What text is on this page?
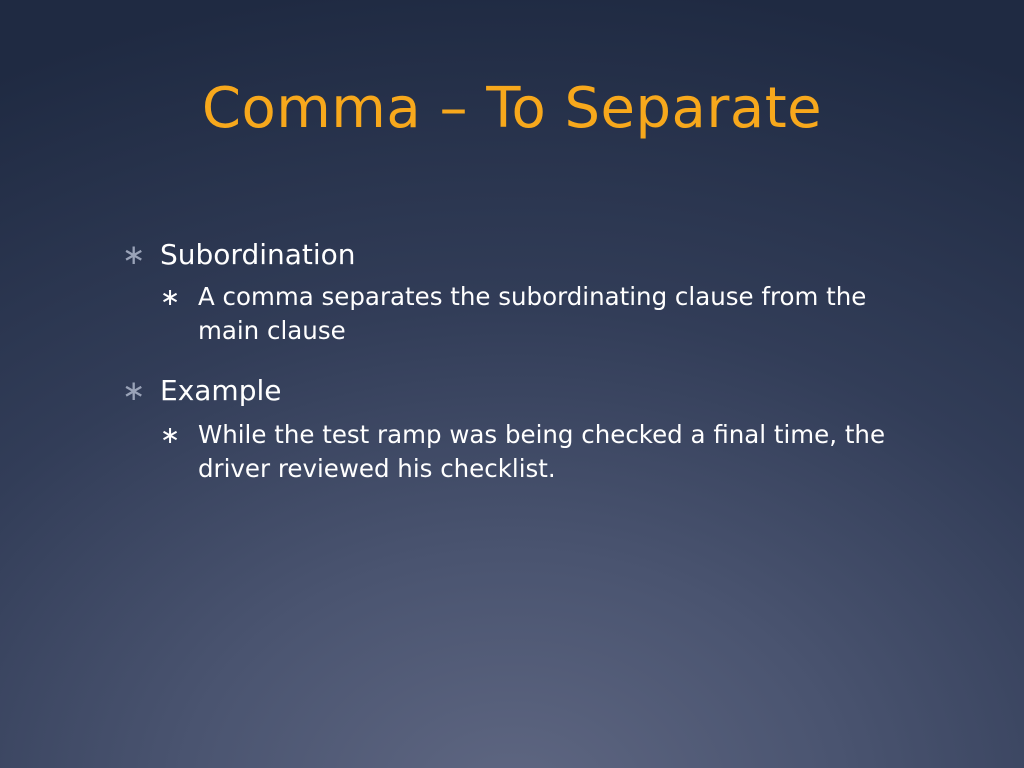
Comma – To Separate

∗ Subordination

∗ A comma separates the subordinating clause from the main clause

∗ Example

∗ While the test ramp was being checked a final time, the driver reviewed his checklist.
